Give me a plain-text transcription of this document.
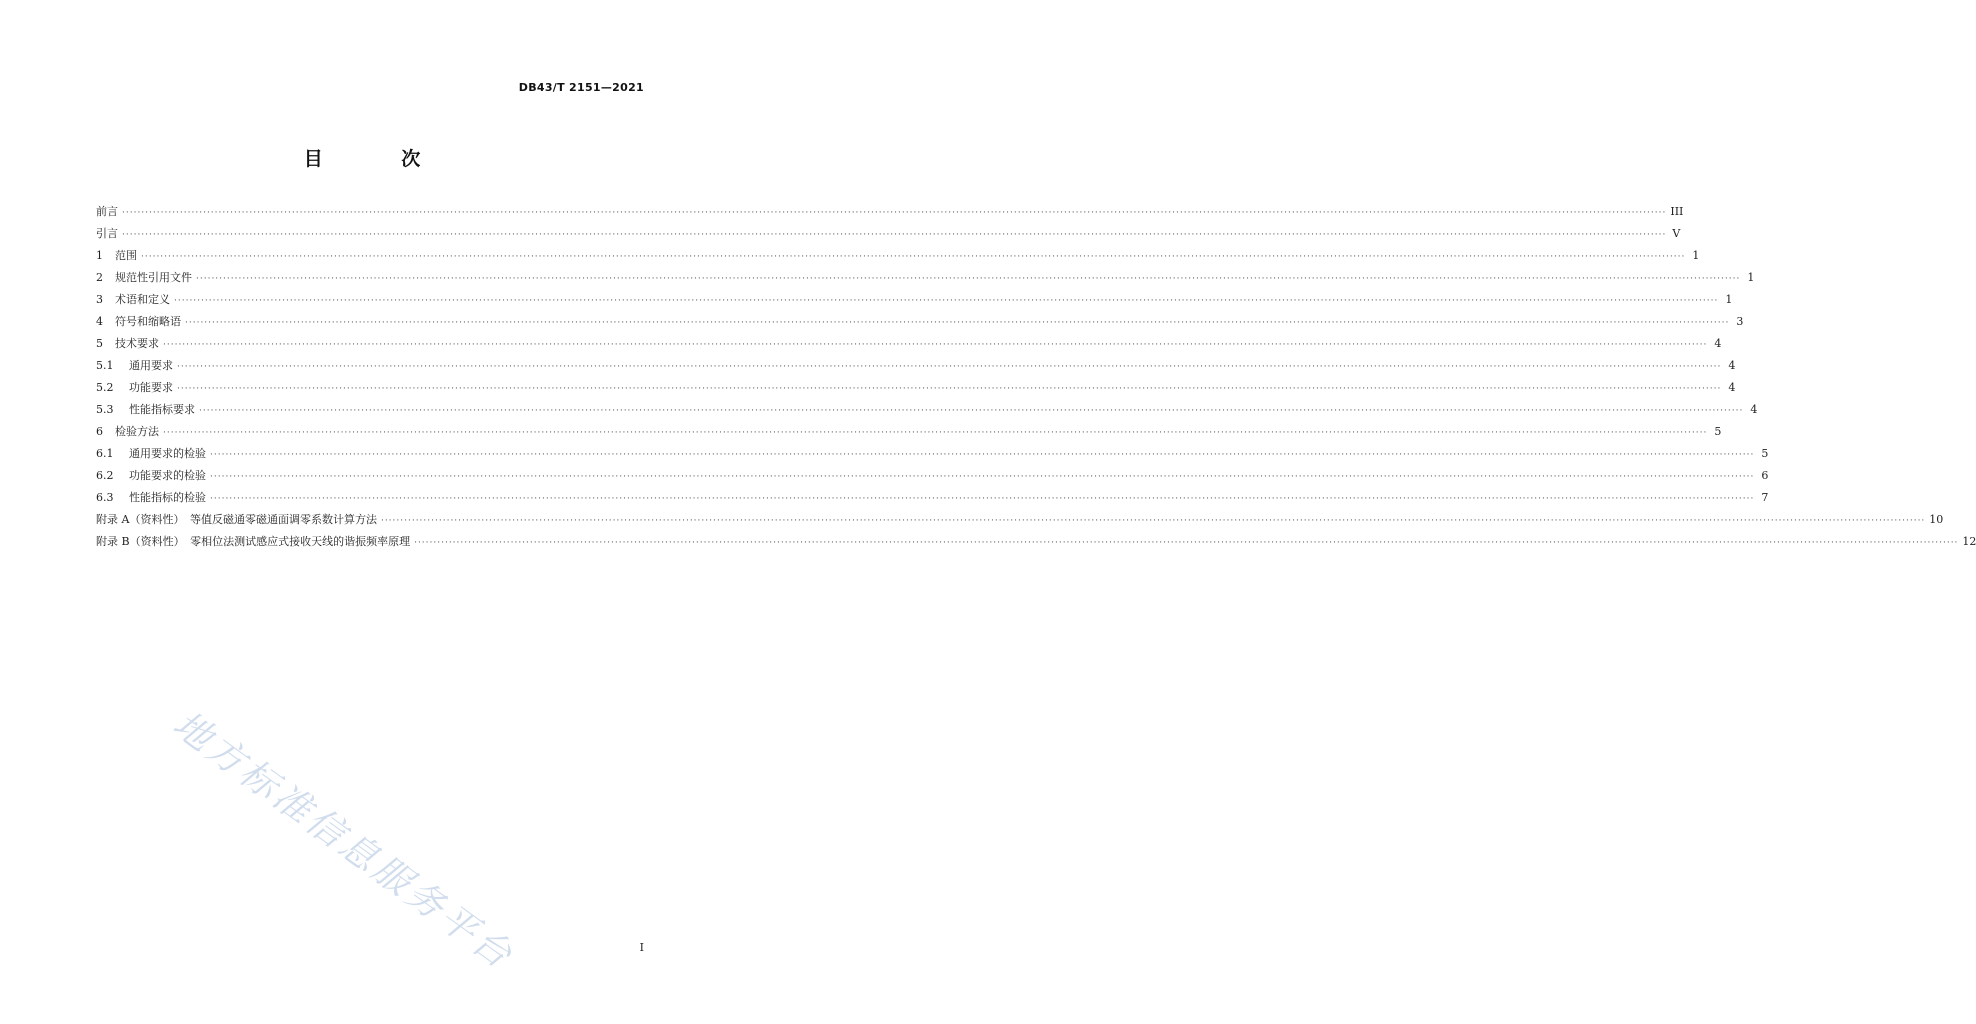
DB43/T 2151—2021
目 次
前言 ················································································································································································································································································································································································································ III
引言 ················································································································································································································································································································································································································ V
1	范围 ················································································································································································································································································································································································································ 1
2	规范性引用文件 ················································································································································································································································································································································································································ 1
3	术语和定义 ················································································································································································································································································································································································································ 1
4	符号和缩略语 ················································································································································································································································································································································································································ 3
5	技术要求 ················································································································································································································································································································································································································ 4
5.1	通用要求 ················································································································································································································································································································································································································ 4
5.2	功能要求 ················································································································································································································································································································································································································ 4
5.3	性能指标要求 ················································································································································································································································································································································································································ 4
6	检验方法 ················································································································································································································································································································································································································ 5
6.1	通用要求的检验 ················································································································································································································································································································································································································ 5
6.2	功能要求的检验 ················································································································································································································································································································································································································ 6
6.3	性能指标的检验 ················································································································································································································································································································································································································ 7
附录 A（资料性）　等值反磁通零磁通面调零系数计算方法 ················································································································································································································································································································································································································ 10
附录 B（资料性）　零相位法测试感应式接收天线的谐振频率原理 ················································································································································································································································································································································································································ 12
地方标准信息服务平台	I
